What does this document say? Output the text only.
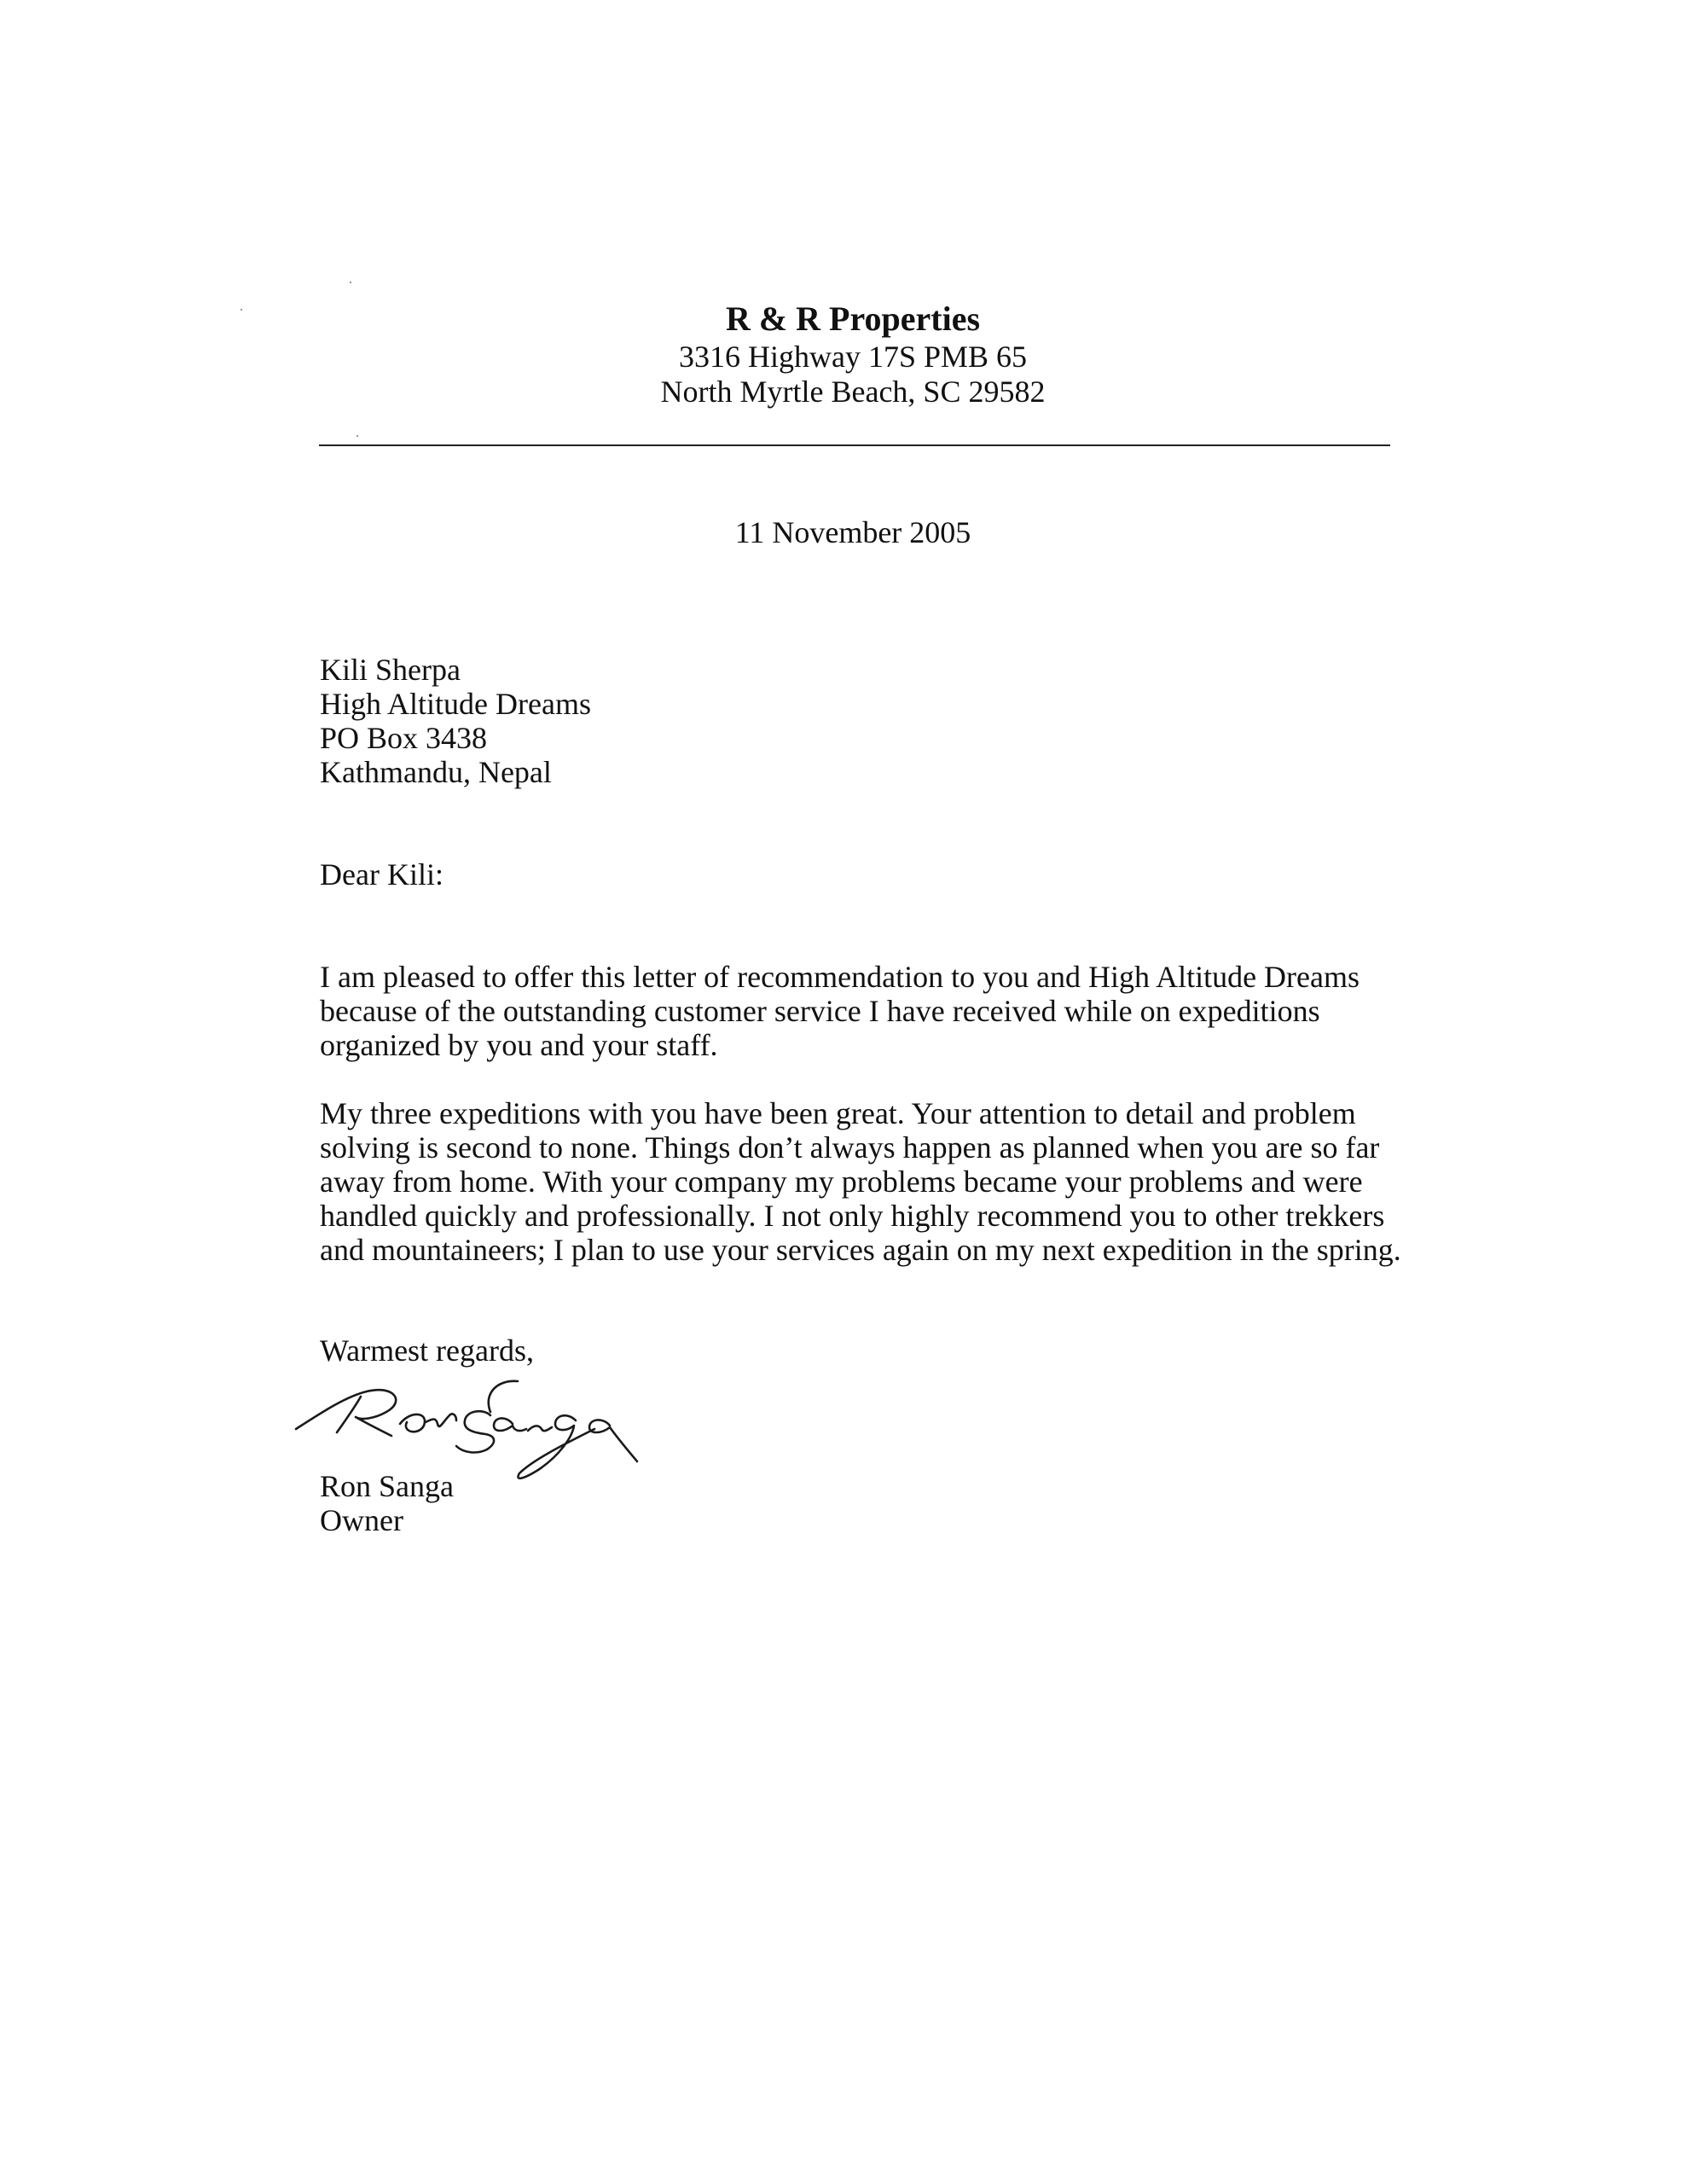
R & R Properties
3316 Highway 17S PMB 65
North Myrtle Beach, SC 29582
11 November 2005
Kili Sherpa
High Altitude Dreams
PO Box 3438
Kathmandu, Nepal
Dear Kili:
I am pleased to offer this letter of recommendation to you and High Altitude Dreams
because of the outstanding customer service I have received while on expeditions
organized by you and your staff.
My three expeditions with you have been great. Your attention to detail and problem
solving is second to none. Things don’t always happen as planned when you are so far
away from home. With your company my problems became your problems and were
handled quickly and professionally. I not only highly recommend you to other trekkers
and mountaineers; I plan to use your services again on my next expedition in the spring.
Warmest regards,
Ron Sanga
Owner
